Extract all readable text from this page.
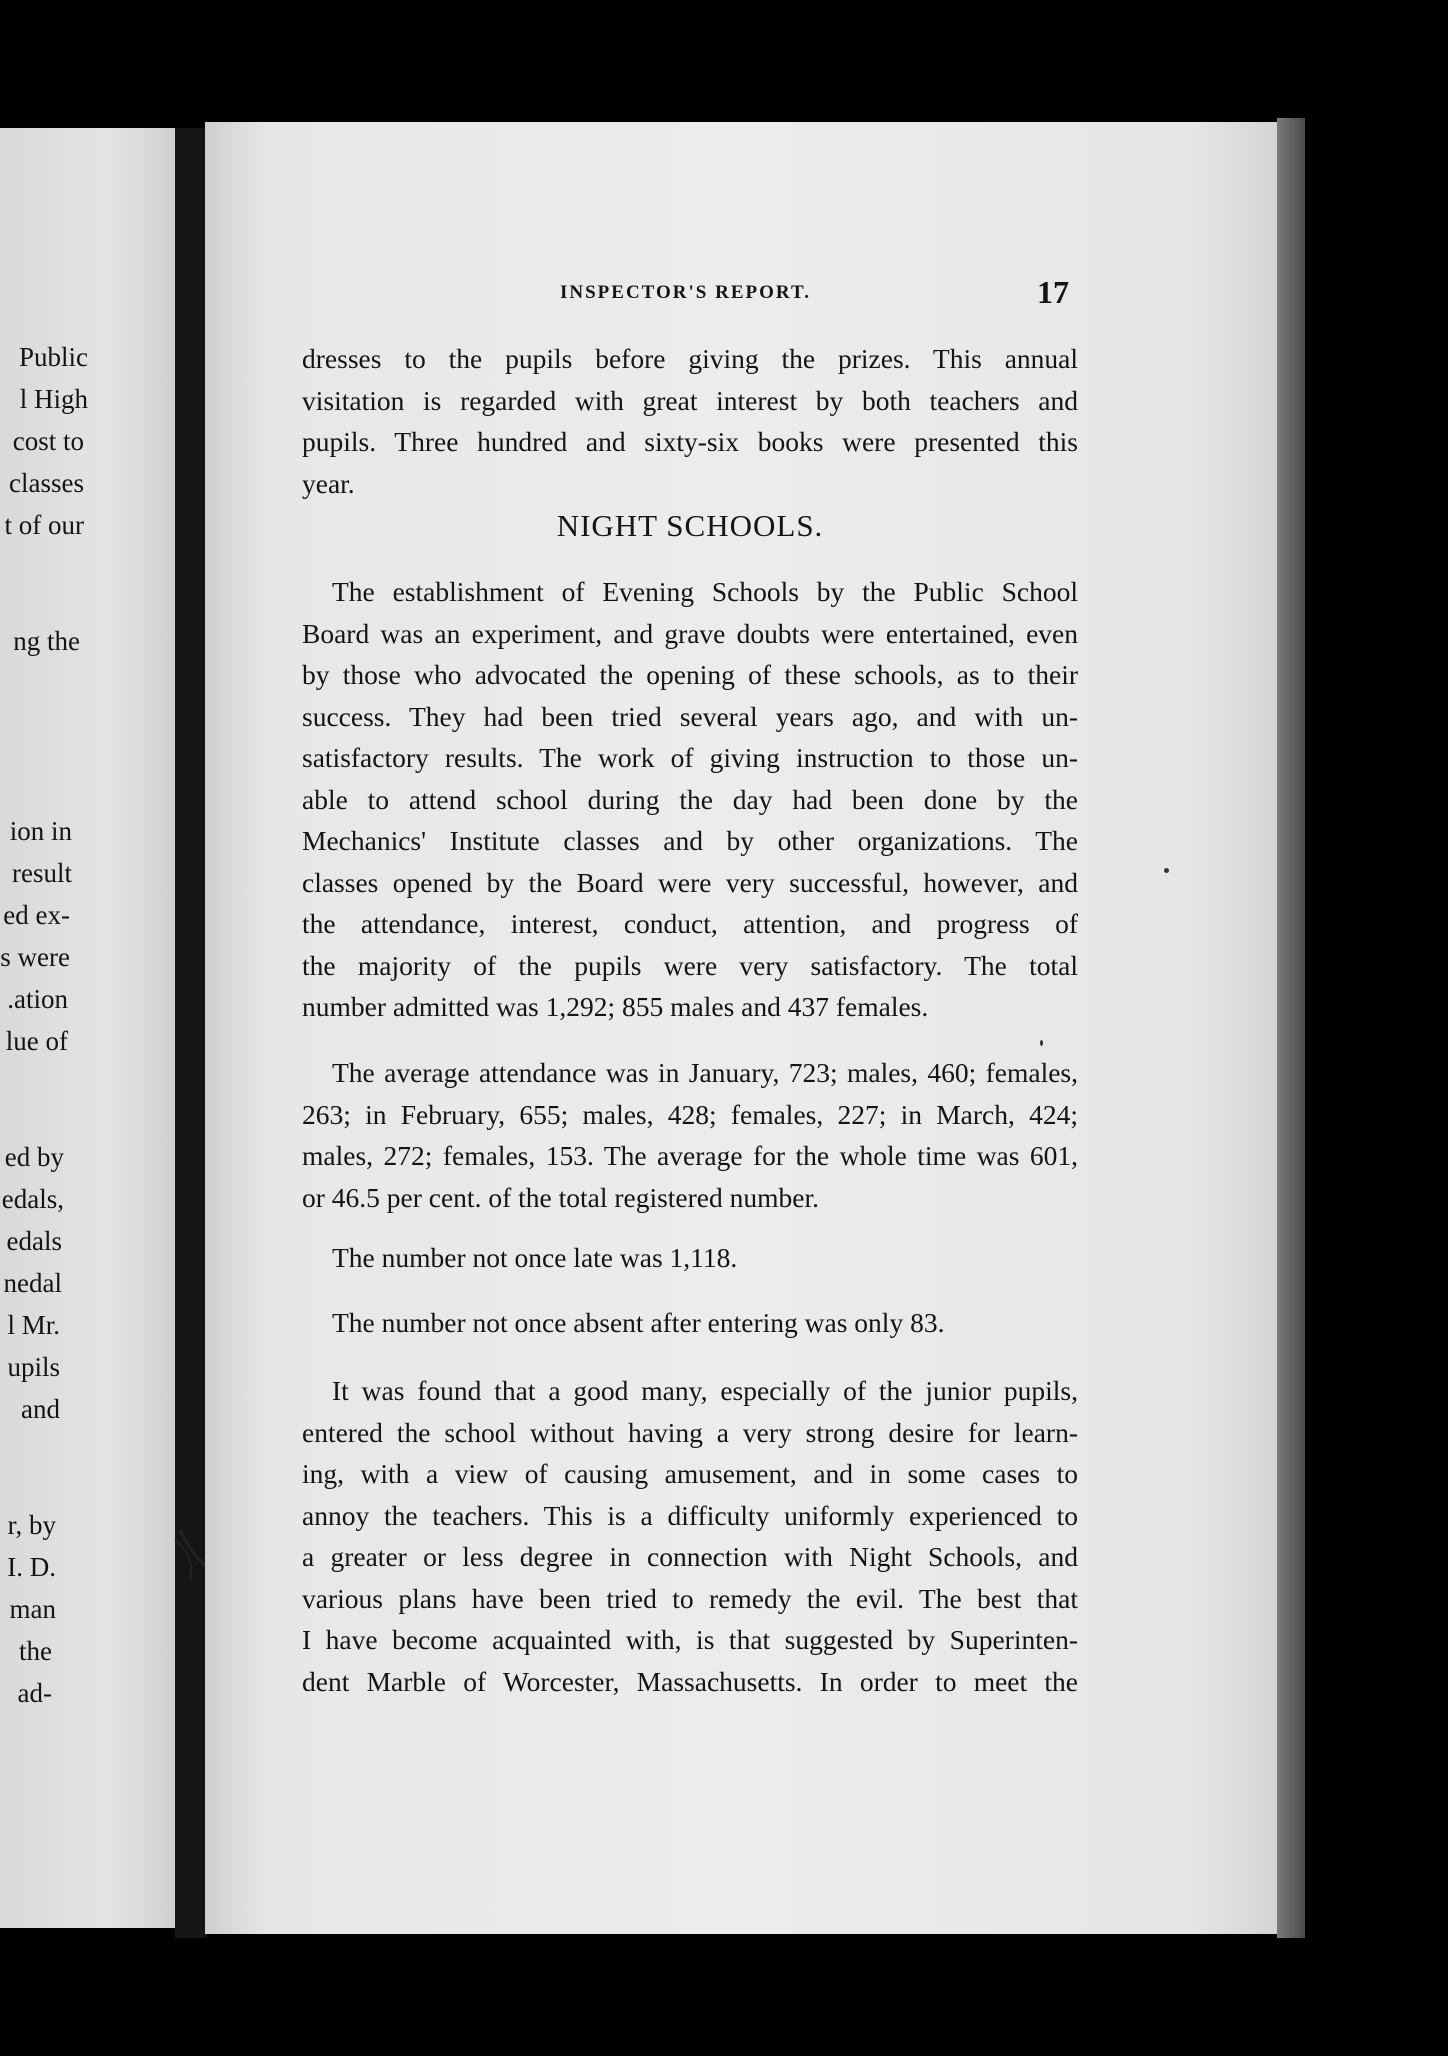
Public
l High
cost to
classes
t of our
ng the
ion in
result
ed ex-
s were
.ation
lue of
ed by
edals,
edals
nedal
l Mr.
upils
and
r, by
I. D.
man
the
ad-
INSPECTOR'S REPORT.	17
dresses to the pupils before giving the prizes. This annual
visitation is regarded with great interest by both teachers and
pupils. Three hundred and sixty-six books were presented this
year.
NIGHT SCHOOLS.
The establishment of Evening Schools by the Public School
Board was an experiment, and grave doubts were entertained, even
by those who advocated the opening of these schools, as to their
success. They had been tried several years ago, and with un-
satisfactory results. The work of giving instruction to those un-
able to attend school during the day had been done by the
Mechanics' Institute classes and by other organizations. The
classes opened by the Board were very successful, however, and
the attendance, interest, conduct, attention, and progress of
the majority of the pupils were very satisfactory. The total
number admitted was 1,292; 855 males and 437 females.
The average attendance was in January, 723; males, 460; females,
263; in February, 655; males, 428; females, 227; in March, 424;
males, 272; females, 153. The average for the whole time was 601,
or 46.5 per cent. of the total registered number.
The number not once late was 1,118.
The number not once absent after entering was only 83.
It was found that a good many, especially of the junior pupils,
entered the school without having a very strong desire for learn-
ing, with a view of causing amusement, and in some cases to
annoy the teachers. This is a difficulty uniformly experienced to
a greater or less degree in connection with Night Schools, and
various plans have been tried to remedy the evil. The best that
I have become acquainted with, is that suggested by Superinten-
dent Marble of Worcester, Massachusetts. In order to meet the
